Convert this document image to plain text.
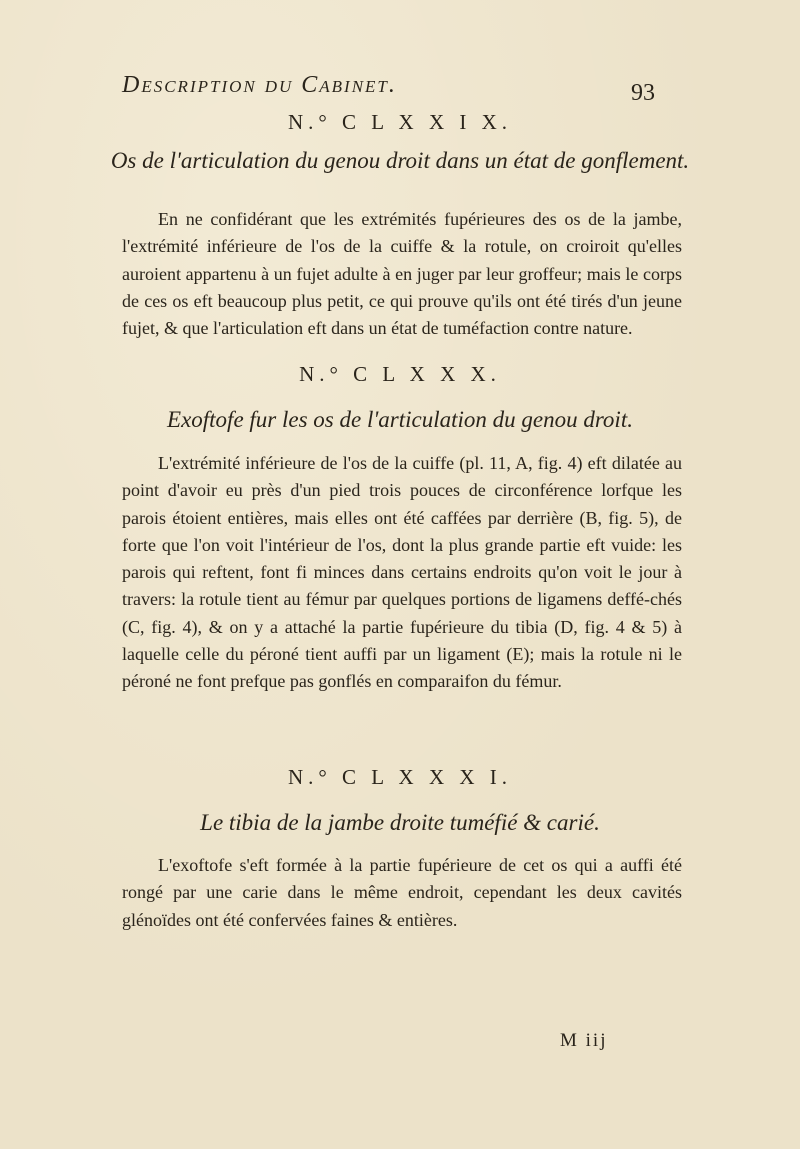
Description du Cabinet.	93
N.° C L X X I X.
Os de l'articulation du genou droit dans un état de gonflement.
En ne confidérant que les extrémités fupérieures des os de la jambe, l'extrémité inférieure de l'os de la cuiffe & la rotule, on croiroit qu'elles auroient appartenu à un fujet adulte à en juger par leur groffeur; mais le corps de ces os eft beaucoup plus petit, ce qui prouve qu'ils ont été tirés d'un jeune fujet, & que l'articulation eft dans un état de tuméfaction contre nature.
N.° C L X X X.
Exoftofe fur les os de l'articulation du genou droit.
L'extrémité inférieure de l'os de la cuiffe (pl. 11, A, fig. 4) eft dilatée au point d'avoir eu près d'un pied trois pouces de circonférence lorfque les parois étoient entières, mais elles ont été caffées par derrière (B, fig. 5), de forte que l'on voit l'intérieur de l'os, dont la plus grande partie eft vuide: les parois qui reftent, font fi minces dans certains endroits qu'on voit le jour à travers: la rotule tient au fémur par quelques portions de ligamens deffé-chés (C, fig. 4), & on y a attaché la partie fupérieure du tibia (D, fig. 4 & 5) à laquelle celle du péroné tient auffi par un ligament (E); mais la rotule ni le péroné ne font prefque pas gonflés en comparaifon du fémur.
N.° C L X X X I.
Le tibia de la jambe droite tuméfié & carié.
L'exoftofe s'eft formée à la partie fupérieure de cet os qui a auffi été rongé par une carie dans le même endroit, cependant les deux cavités glénoïdes ont été confervées faines & entières.
M iij
